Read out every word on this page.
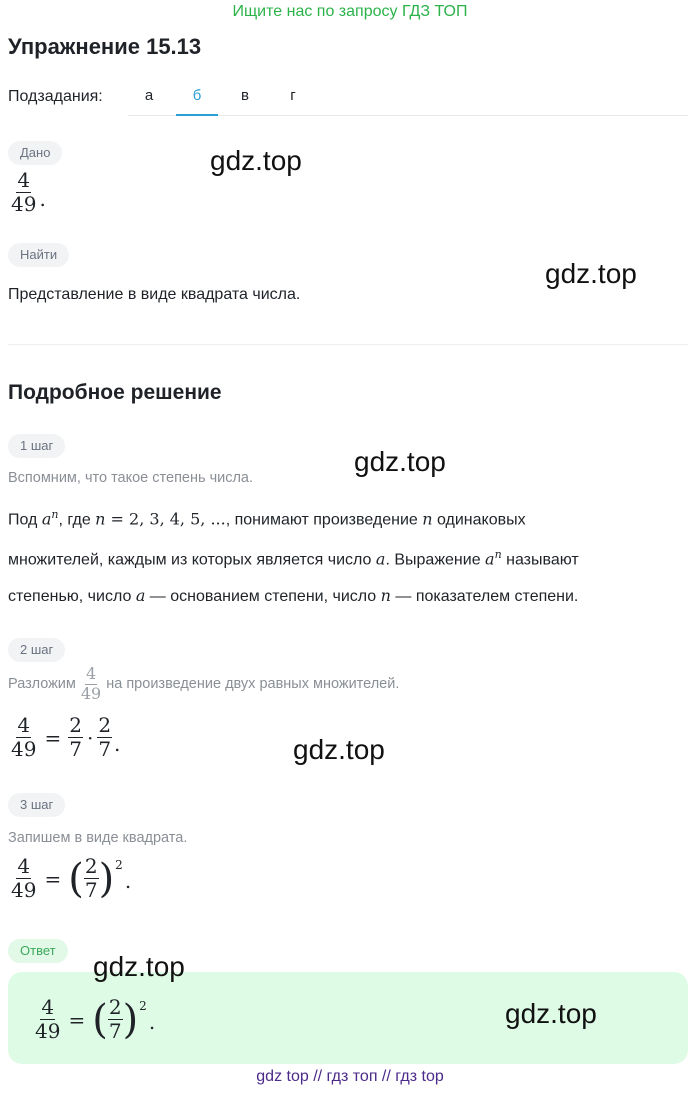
Ищите нас по запросу ГДЗ ТОП
Упражнение 15.13
Подзадания:	а	б	в	г
Дано
$\frac{4}{49}$ .
Найти
Представление в виде квадрата числа.
Подробное решение
1 шаг
Вспомним, что такое степень числа.
Под $a^n$, где n = 2, 3, 4, 5, ..., понимают произведение n одинаковых
множителей, каждым из которых является число a. Выражение $a^n$ называют
степенью, число a — основанием степени, число n — показателем степени.
2 шаг
Разложим $\frac{4}{49}$ на произведение двух равных множителей.
$\frac{4}{49} = \frac{2}{7} \cdot \frac{2}{7}$ .
3 шаг
Запишем в виде квадрата.
$\frac{4}{49}$ = ( $\frac{2}{7}$ ) 2
.
Ответ
$\frac{4}{49}$ = ( $\frac{2}{7}$ ) 2
.
gdz.top
gdz.top
gdz.top
gdz.top
gdz.top
gdz.top
gdz top // гдз топ // гдз top
